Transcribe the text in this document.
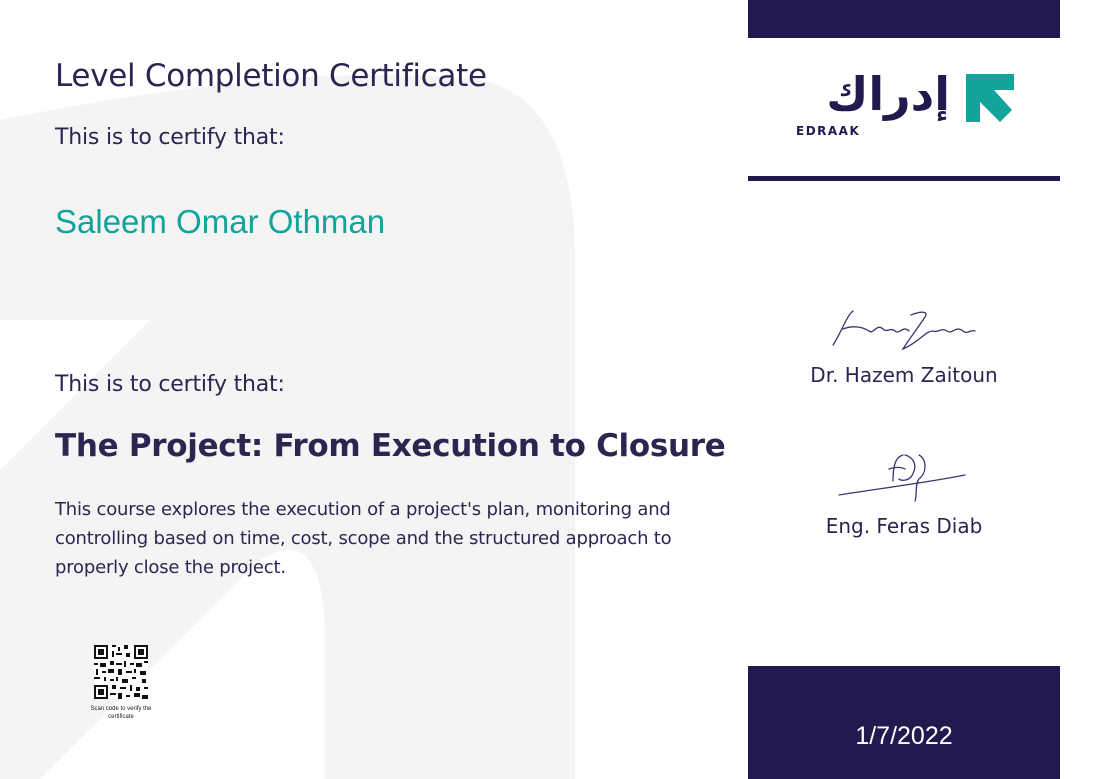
Level Completion Certificate
This is to certify that:
Saleem Omar Othman
This is to certify that:
The Project: From Execution to Closure
This course explores the execution of a project's plan, monitoring and controlling based on time, cost, scope and the structured approach to properly close the project.
Scan code to verify the certificate
إدراك
EDRAAK
Dr. Hazem Zaitoun
Eng. Feras Diab
1/7/2022
